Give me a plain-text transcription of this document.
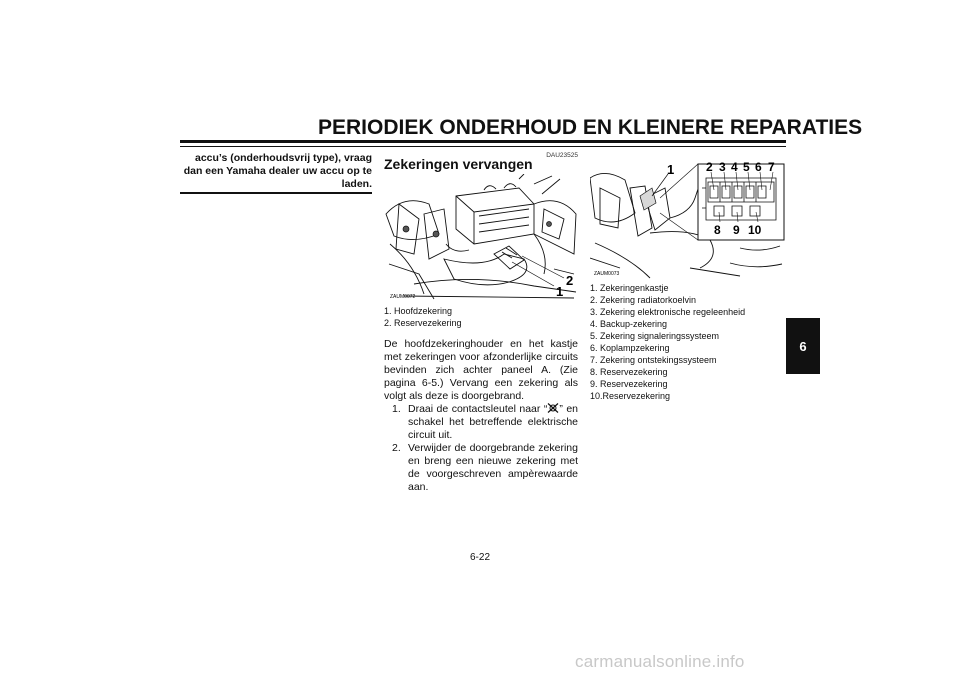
PERIODIEK ONDERHOUD EN KLEINERE REPARATIES
accu’s (onderhoudsvrij type), vraag dan een Yamaha dealer uw accu op te laden.
DAU23525
Zekeringen vervangen
1
2
ZAUM0072
1. Hoofdzekering
2. Reservezekering
De hoofdzekeringhouder en het kastje met zekeringen voor afzonderlijke circuits bevinden zich achter paneel A. (Zie pagina 6-5.) Vervang een zekering als volgt als deze is doorgebrand.
1. Draai de contactsleutel naar “ ” en schakel het betreffende elektrische circuit uit.
2. Verwijder de doorgebrande zekering en breng een nieuwe zekering met de voorgeschreven ampèrewaarde aan.
1	2 3 4 5 6 7
8 9 10
ZAUM0073
1. Zekeringenkastje
2. Zekering radiatorkoelvin
3. Zekering elektronische regeleenheid
4. Backup-zekering
5. Zekering signaleringssysteem
6. Koplampzekering
7. Zekering ontstekingssysteem
8. Reservezekering
9. Reservezekering
10.Reservezekering
6
6-22
carmanualsonline.info
